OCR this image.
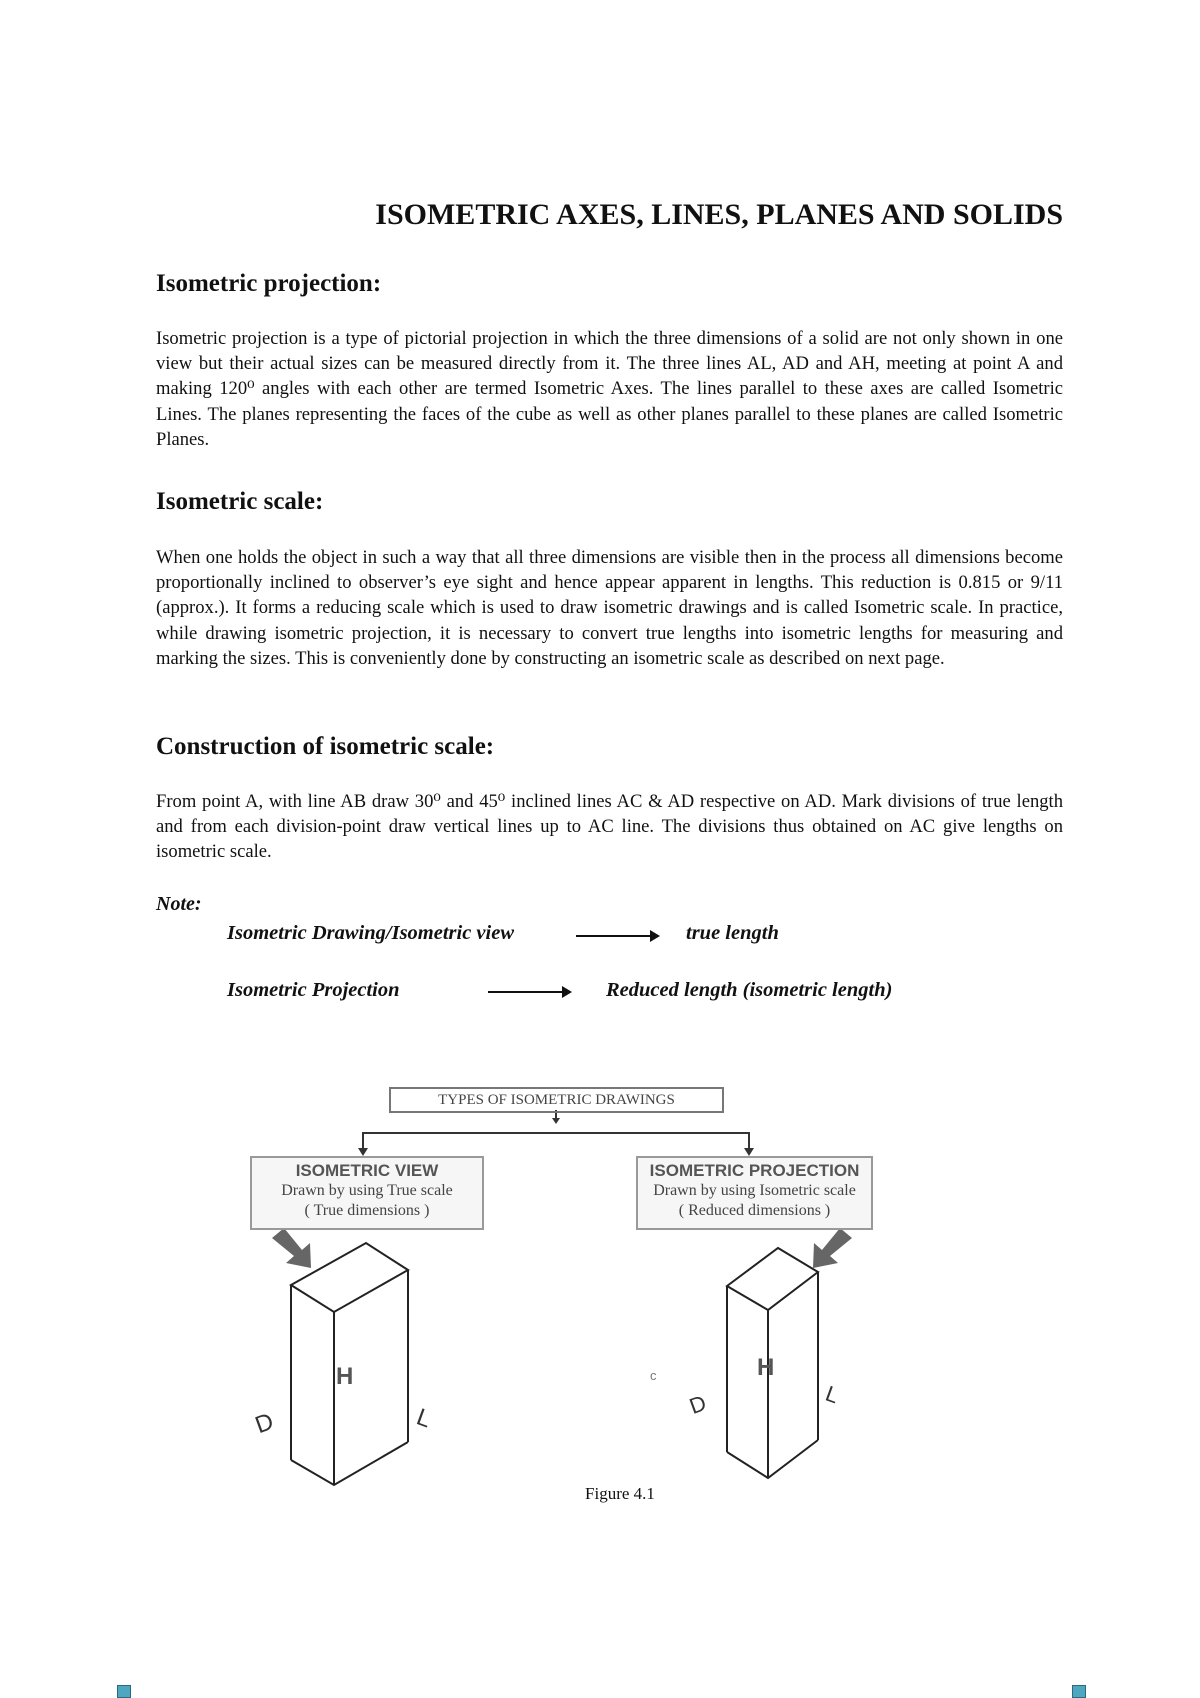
ISOMETRIC AXES, LINES, PLANES AND SOLIDS
Isometric projection:
Isometric projection is a type of pictorial projection in which the three dimensions of a solid are not only shown in one view but their actual sizes can be measured directly from it. The three lines AL, AD and AH, meeting at point A and making 120⁰ angles with each other are termed Isometric Axes. The lines parallel to these axes are called Isometric Lines. The planes representing the faces of the cube as well as other planes parallel to these planes are called Isometric Planes.
Isometric scale:
When one holds the object in such a way that all three dimensions are visible then in the process all dimensions become proportionally inclined to observer’s eye sight and hence appear apparent in lengths. This reduction is 0.815 or 9/11 (approx.). It forms a reducing scale which is used to draw isometric drawings and is called Isometric scale. In practice, while drawing isometric projection, it is necessary to convert true lengths into isometric lengths for measuring and marking the sizes. This is conveniently done by constructing an isometric scale as described on next page.
Construction of isometric scale:
From point A, with line AB draw 30⁰ and 45⁰ inclined lines AC & AD respective on AD. Mark divisions of true length and from each division-point draw vertical lines up to AC line. The divisions thus obtained on AC give lengths on isometric scale.
Note:
Isometric Drawing/Isometric view	true length
Isometric Projection	Reduced length (isometric length)
TYPES OF ISOMETRIC DRAWINGS
ISOMETRIC VIEW
Drawn by using True scale
( True dimensions )
ISOMETRIC PROJECTION
Drawn by using Isometric scale
( Reduced dimensions )
H
D	L
H
D	L
c
Figure 4.1
